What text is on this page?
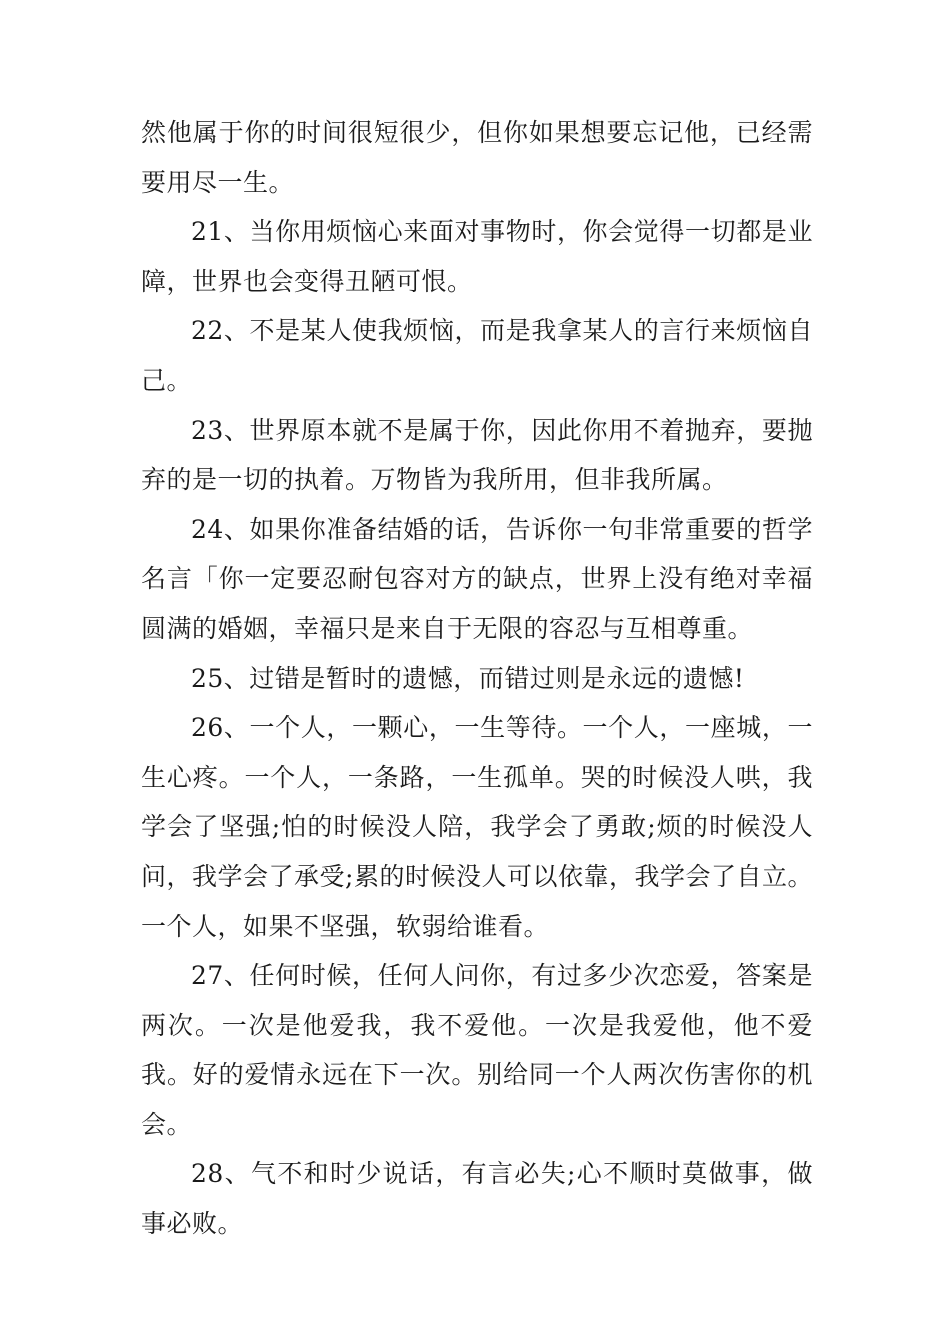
然他属于你的时间很短很少，但你如果想要忘记他，已经需要用尽一生。

21、当你用烦恼心来面对事物时，你会觉得一切都是业障，世界也会变得丑陋可恨。

22、不是某人使我烦恼，而是我拿某人的言行来烦恼自己。

23、世界原本就不是属于你，因此你用不着抛弃，要抛弃的是一切的执着。万物皆为我所用，但非我所属。

24、如果你准备结婚的话，告诉你一句非常重要的哲学名言「你一定要忍耐包容对方的缺点，世界上没有绝对幸福圆满的婚姻，幸福只是来自于无限的容忍与互相尊重。

25、过错是暂时的遗憾，而错过则是永远的遗憾!

26、一个人，一颗心，一生等待。一个人，一座城，一生心疼。一个人，一条路，一生孤单。哭的时候没人哄，我学会了坚强;怕的时候没人陪，我学会了勇敢;烦的时候没人问，我学会了承受;累的时候没人可以依靠，我学会了自立。一个人，如果不坚强，软弱给谁看。

27、任何时候，任何人问你，有过多少次恋爱，答案是两次。一次是他爱我，我不爱他。一次是我爱他，他不爱我。好的爱情永远在下一次。别给同一个人两次伤害你的机会。

28、气不和时少说话，有言必失;心不顺时莫做事，做事必败。
